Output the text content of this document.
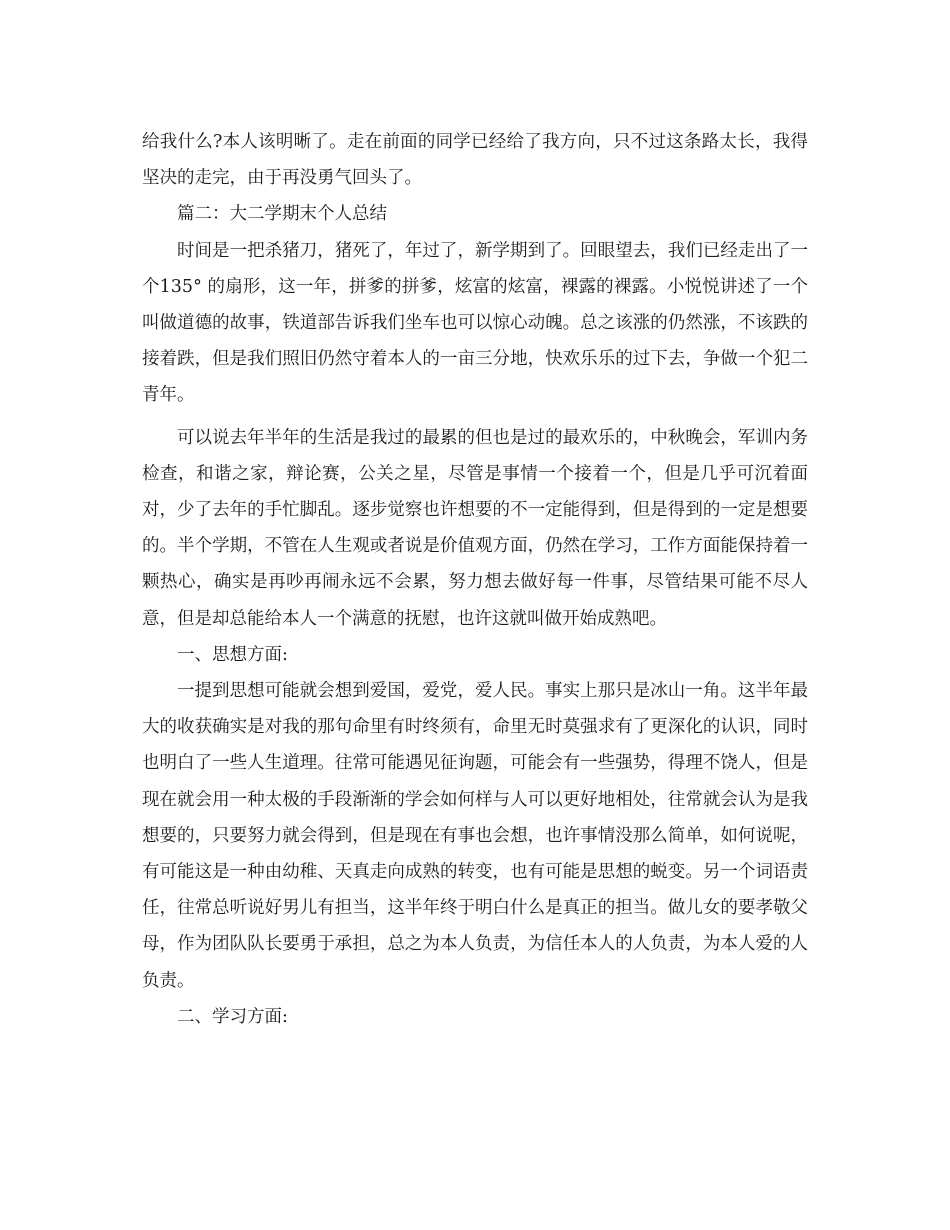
给我什么?本人该明晰了。走在前面的同学已经给了我方向，只不过这条路太长，我得坚决的走完，由于再没勇气回头了。

篇二：大二学期末个人总结

时间是一把杀猪刀，猪死了，年过了，新学期到了。回眼望去，我们已经走出了一个135° 的扇形，这一年，拼爹的拼爹，炫富的炫富，裸露的裸露。小悦悦讲述了一个叫做道德的故事，铁道部告诉我们坐车也可以惊心动魄。总之该涨的仍然涨，不该跌的接着跌，但是我们照旧仍然守着本人的一亩三分地，快欢乐乐的过下去，争做一个犯二青年。

可以说去年半年的生活是我过的最累的但也是过的最欢乐的，中秋晚会，军训内务检查，和谐之家，辩论赛，公关之星，尽管是事情一个接着一个，但是几乎可沉着面对，少了去年的手忙脚乱。逐步觉察也许想要的不一定能得到，但是得到的一定是想要的。半个学期，不管在人生观或者说是价值观方面，仍然在学习，工作方面能保持着一颗热心，确实是再吵再闹永远不会累，努力想去做好每一件事，尽管结果可能不尽人意，但是却总能给本人一个满意的抚慰，也许这就叫做开始成熟吧。

一、思想方面:

一提到思想可能就会想到爱国，爱党，爱人民。事实上那只是冰山一角。这半年最大的收获确实是对我的那句命里有时终须有，命里无时莫强求有了更深化的认识，同时也明白了一些人生道理。往常可能遇见征询题，可能会有一些强势，得理不饶人，但是现在就会用一种太极的手段渐渐的学会如何样与人可以更好地相处，往常就会认为是我想要的，只要努力就会得到，但是现在有事也会想，也许事情没那么简单，如何说呢，有可能这是一种由幼稚、天真走向成熟的转变，也有可能是思想的蜕变。另一个词语责任，往常总听说好男儿有担当，这半年终于明白什么是真正的担当。做儿女的要孝敬父母，作为团队队长要勇于承担，总之为本人负责，为信任本人的人负责，为本人爱的人负责。

二、学习方面:
